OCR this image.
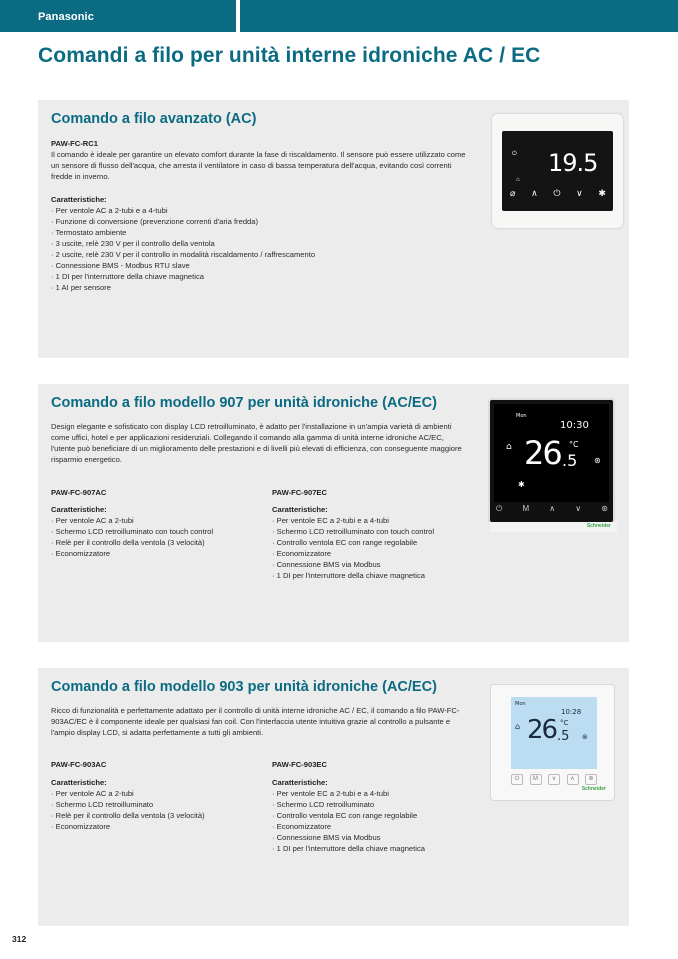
Panasonic
Comandi a filo per unità interne idroniche AC / EC
Comando a filo avanzato (AC)
PAW-FC-RC1
Il comando è ideale per garantire un elevato comfort durante la fase di riscaldamento. Il sensore può essere utilizzato come un sensore di flusso dell'acqua, che arresta il ventilatore in caso di bassa temperatura dell'acqua, evitando così correnti fredde in inverno.
Caratteristiche:
· Per ventole AC a 2-tubi e a 4-tubi
· Funzione di conversione (prevenzione correnti d'aria fredda)
· Termostato ambiente
· 3 uscite, relè 230 V per il controllo della ventola
· 2 uscite, relè 230 V per il controllo in modalità riscaldamento / raffrescamento
· Connessione BMS - Modbus RTU slave
· 1 DI per l'interruttore della chiave magnetica
· 1 AI per sensore
⏻
⌂
19.5
⌀ ∧ ⏻ ∨ ✱
Comando a filo modello 907 per unità idroniche (AC/EC)
Design elegante e sofisticato con display LCD retroilluminato, è adatto per l'installazione in un'ampia varietà di ambienti come uffici, hotel e per applicazioni residenziali. Collegando il comando alla gamma di unità interne idroniche AC/EC, l'utente può beneficiare di un miglioramento delle prestazioni e di livelli più elevati di efficienza, con conseguente maggiore risparmio energetico.
PAW-FC-907AC
Caratteristiche:
· Per ventole AC a 2-tubi
· Schermo LCD retroilluminato con touch control
· Relè per il controllo della ventola (3 velocità)
· Economizzatore
PAW-FC-907EC
Caratteristiche:
· Per ventole EC a 2-tubi e a 4-tubi
· Schermo LCD retroilluminato con touch control
· Controllo ventola EC con range regolabile
· Economizzatore
· Connessione BMS via Modbus
· 1 DI per l'interruttore della chiave magnetica
Mon
10:30
⌂ 26 .5
°C
⊛
✱
⏻	M	∧	∨	⊛
Schneider
Comando a filo modello 903 per unità idroniche (AC/EC)
Ricco di funzionalità e perfettamente adattato per il controllo di unità interne idroniche AC / EC, il comando a filo PAW-FC-903AC/EC è il componente ideale per qualsiasi fan coil. Con l'interfaccia utente intuitiva grazie al controllo a pulsante e l'ampio display LCD, si adatta perfettamente a tutti gli ambienti.
PAW-FC-903AC
Caratteristiche:
· Per ventole AC a 2-tubi
· Schermo LCD retroilluminato
· Relè per il controllo della ventola (3 velocità)
· Economizzatore
PAW-FC-903EC
Caratteristiche:
· Per ventole EC a 2-tubi e a 4-tubi
· Schermo LCD retroilluminato
· Controllo ventola EC con range regolabile
· Economizzatore
· Connessione BMS via Modbus
· 1 DI per l'interruttore della chiave magnetica
Mon
10:28
⌂ 26 .5
°C
⊛
⏻	M	∨	∧	⊛
Schneider
312
